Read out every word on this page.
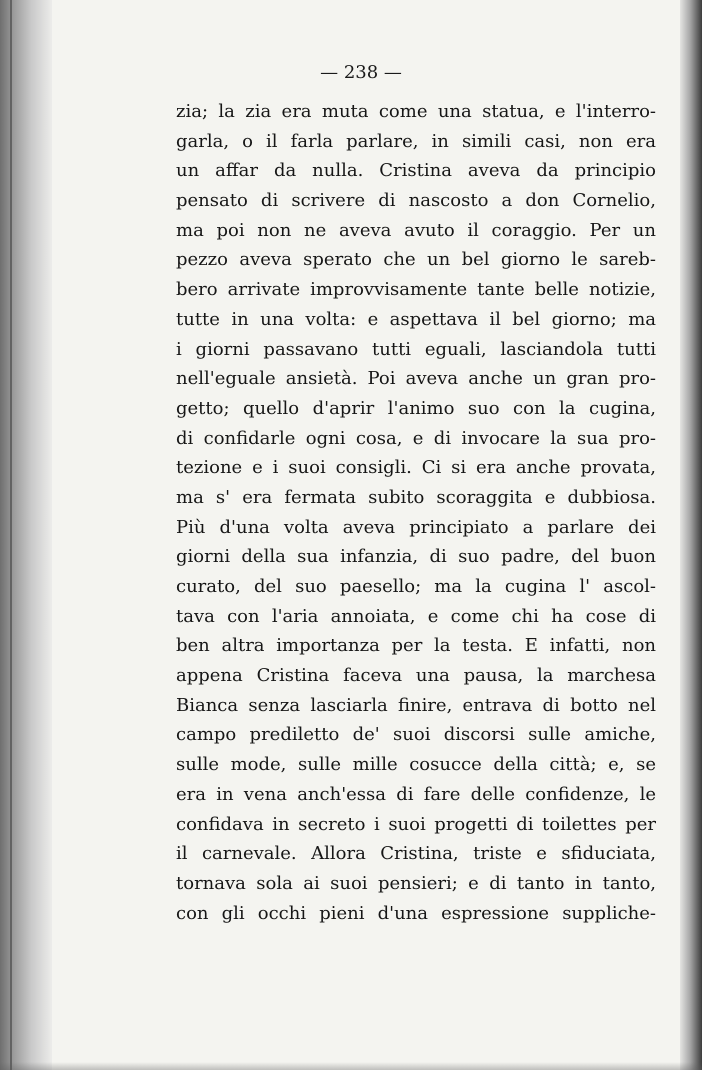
— 238 —
zia; la zia era muta come una statua, e l'interro-
garla, o il farla parlare, in simili casi, non era
un affar da nulla. Cristina aveva da principio
pensato di scrivere di nascosto a don Cornelio,
ma poi non ne aveva avuto il coraggio. Per un
pezzo aveva sperato che un bel giorno le sareb-
bero arrivate improvvisamente tante belle notizie,
tutte in una volta: e aspettava il bel giorno; ma
i giorni passavano tutti eguali, lasciandola tutti
nell'eguale ansietà. Poi aveva anche un gran pro-
getto; quello d'aprir l'animo suo con la cugina,
di confidarle ogni cosa, e di invocare la sua pro-
tezione e i suoi consigli. Ci si era anche provata,
ma s' era fermata subito scoraggita e dubbiosa.
Più d'una volta aveva principiato a parlare dei
giorni della sua infanzia, di suo padre, del buon
curato, del suo paesello; ma la cugina l' ascol-
tava con l'aria annoiata, e come chi ha cose di
ben altra importanza per la testa. E infatti, non
appena Cristina faceva una pausa, la marchesa
Bianca senza lasciarla finire, entrava di botto nel
campo prediletto de' suoi discorsi sulle amiche,
sulle mode, sulle mille cosucce della città; e, se
era in vena anch'essa di fare delle confidenze, le
confidava in secreto i suoi progetti di toilettes per
il carnevale. Allora Cristina, triste e sfiduciata,
tornava sola ai suoi pensieri; e di tanto in tanto,
con gli occhi pieni d'una espressione suppliche-
